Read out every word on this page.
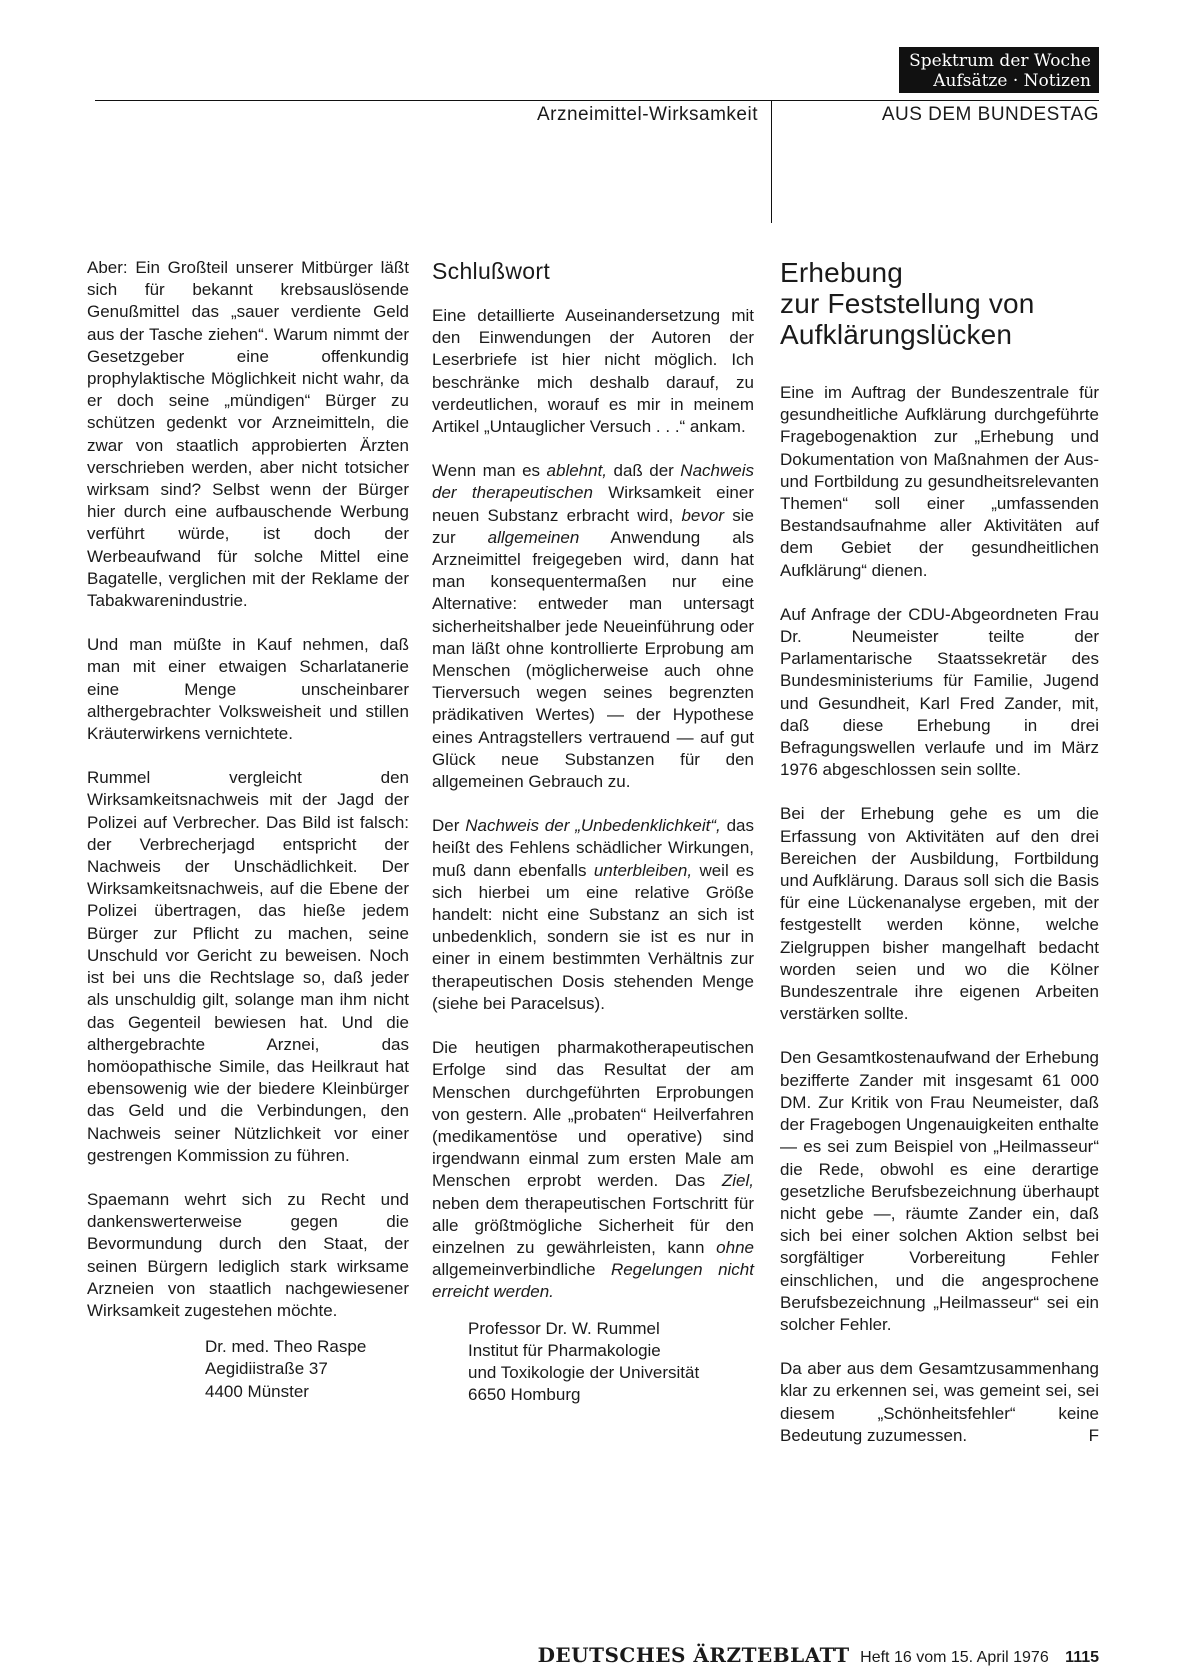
Spektrum der Woche
Aufsätze · Notizen
Arzneimittel-Wirksamkeit	AUS DEM BUNDESTAG

Aber: Ein Großteil unserer Mitbürger läßt sich für bekannt krebsauslösende Genußmittel das „sauer verdiente Geld aus der Tasche ziehen“. Warum nimmt der Gesetzgeber eine offenkundig prophylaktische Möglichkeit nicht wahr, da er doch seine „mündigen“ Bürger zu schützen gedenkt vor Arzneimitteln, die zwar von staatlich approbierten Ärzten verschrieben werden, aber nicht totsicher wirksam sind? Selbst wenn der Bürger hier durch eine aufbauschende Werbung verführt würde, ist doch der Werbeaufwand für solche Mittel eine Bagatelle, verglichen mit der Reklame der Tabakwarenindustrie.

Und man müßte in Kauf nehmen, daß man mit einer etwaigen Scharlatanerie eine Menge unscheinbarer althergebrachter Volksweisheit und stillen Kräuterwirkens vernichtete.

Rummel vergleicht den Wirksamkeitsnachweis mit der Jagd der Polizei auf Verbrecher. Das Bild ist falsch: der Verbrecherjagd entspricht der Nachweis der Unschädlichkeit. Der Wirksamkeitsnachweis, auf die Ebene der Polizei übertragen, das hieße jedem Bürger zur Pflicht zu machen, seine Unschuld vor Gericht zu beweisen. Noch ist bei uns die Rechtslage so, daß jeder als unschuldig gilt, solange man ihm nicht das Gegenteil bewiesen hat. Und die althergebrachte Arznei, das homöopathische Simile, das Heilkraut hat ebensowenig wie der biedere Kleinbürger das Geld und die Verbindungen, den Nachweis seiner Nützlichkeit vor einer gestrengen Kommission zu führen.

Spaemann wehrt sich zu Recht und dankenswerterweise gegen die Bevormundung durch den Staat, der seinen Bürgern lediglich stark wirksame Arzneien von staatlich nachgewiesener Wirksamkeit zugestehen möchte.

Dr. med. Theo Raspe
Aegidiistraße 37
4400 Münster
Schlußwort

Eine detaillierte Auseinandersetzung mit den Einwendungen der Autoren der Leserbriefe ist hier nicht möglich. Ich beschränke mich deshalb darauf, zu verdeutlichen, worauf es mir in meinem Artikel „Untauglicher Versuch . . .“ ankam.

Wenn man es ablehnt, daß der Nachweis der therapeutischen Wirksamkeit einer neuen Substanz erbracht wird, bevor sie zur allgemeinen Anwendung als Arzneimittel freigegeben wird, dann hat man konsequentermaßen nur eine Alternative: entweder man untersagt sicherheitshalber jede Neueinführung oder man läßt ohne kontrollierte Erprobung am Menschen (möglicherweise auch ohne Tierversuch wegen seines begrenzten prädikativen Wertes) — der Hypothese eines Antragstellers vertrauend — auf gut Glück neue Substanzen für den allgemeinen Gebrauch zu.

Der Nachweis der „Unbedenklichkeit“, das heißt des Fehlens schädlicher Wirkungen, muß dann ebenfalls unterbleiben, weil es sich hierbei um eine relative Größe handelt: nicht eine Substanz an sich ist unbedenklich, sondern sie ist es nur in einer in einem bestimmten Verhältnis zur therapeutischen Dosis stehenden Menge (siehe bei Paracelsus).

Die heutigen pharmakotherapeutischen Erfolge sind das Resultat der am Menschen durchgeführten Erprobungen von gestern. Alle „probaten“ Heilverfahren (medikamentöse und operative) sind irgendwann einmal zum ersten Male am Menschen erprobt werden. Das Ziel, neben dem therapeutischen Fortschritt für alle größtmögliche Sicherheit für den einzelnen zu gewährleisten, kann ohne allgemeinverbindliche Regelungen nicht erreicht werden.

Professor Dr. W. Rummel
Institut für Pharmakologie
und Toxikologie der Universität
6650 Homburg
Erhebung
zur Feststellung von
Aufklärungslücken

Eine im Auftrag der Bundeszentrale für gesundheitliche Aufklärung durchgeführte Fragebogenaktion zur „Erhebung und Dokumentation von Maßnahmen der Aus- und Fortbildung zu gesundheitsrelevanten Themen“ soll einer „umfassenden Bestandsaufnahme aller Aktivitäten auf dem Gebiet der gesundheitlichen Aufklärung“ dienen.

Auf Anfrage der CDU-Abgeordneten Frau Dr. Neumeister teilte der Parlamentarische Staatssekretär des Bundesministeriums für Familie, Jugend und Gesundheit, Karl Fred Zander, mit, daß diese Erhebung in drei Befragungswellen verlaufe und im März 1976 abgeschlossen sein sollte.

Bei der Erhebung gehe es um die Erfassung von Aktivitäten auf den drei Bereichen der Ausbildung, Fortbildung und Aufklärung. Daraus soll sich die Basis für eine Lückenanalyse ergeben, mit der festgestellt werden könne, welche Zielgruppen bisher mangelhaft bedacht worden seien und wo die Kölner Bundeszentrale ihre eigenen Arbeiten verstärken sollte.

Den Gesamtkostenaufwand der Erhebung bezifferte Zander mit insgesamt 61 000 DM. Zur Kritik von Frau Neumeister, daß der Fragebogen Ungenauigkeiten enthalte — es sei zum Beispiel von „Heilmasseur“ die Rede, obwohl es eine derartige gesetzliche Berufsbezeichnung überhaupt nicht gebe —, räumte Zander ein, daß sich bei einer solchen Aktion selbst bei sorgfältiger Vorbereitung Fehler einschlichen, und die angesprochene Berufsbezeichnung „Heilmasseur“ sei ein solcher Fehler.

Da aber aus dem Gesamtzusammenhang klar zu erkennen sei, was gemeint sei, sei diesem „Schönheitsfehler“ keine Bedeutung zuzumessen.	F

DEUTSCHES ÄRZTEBLATT Heft 16 vom 15. April 1976 1115
